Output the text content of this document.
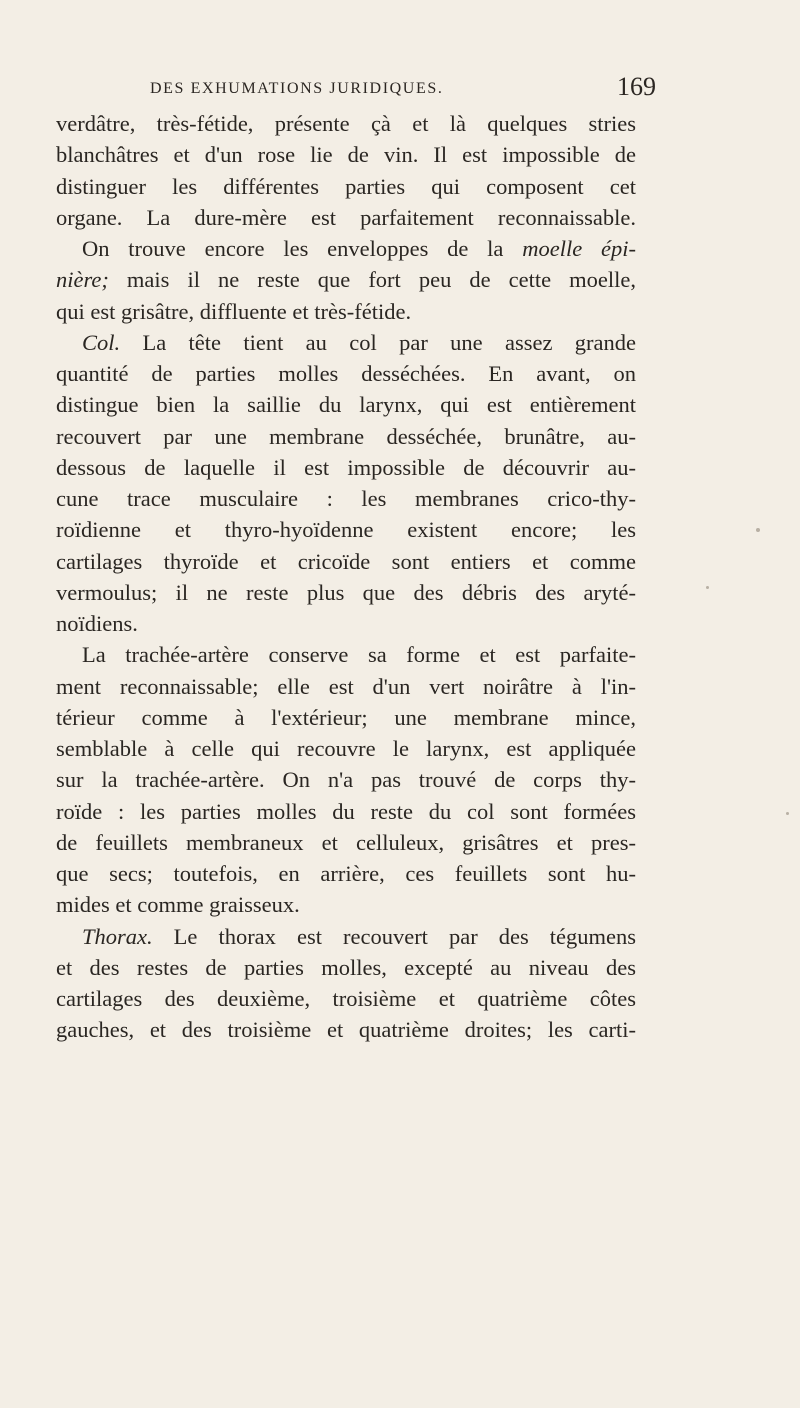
DES EXHUMATIONS JURIDIQUES.	169
verdâtre, très-fétide, présente çà et là quelques stries
blanchâtres et d'un rose lie de vin. Il est impossible de
distinguer les différentes parties qui composent cet
organe. La dure-mère est parfaitement reconnaissable.
On trouve encore les enveloppes de la moelle épi-
nière; mais il ne reste que fort peu de cette moelle,
qui est grisâtre, diffluente et très-fétide.
Col. La tête tient au col par une assez grande
quantité de parties molles desséchées. En avant, on
distingue bien la saillie du larynx, qui est entièrement
recouvert par une membrane desséchée, brunâtre, au-
dessous de laquelle il est impossible de découvrir au-
cune trace musculaire : les membranes crico-thy-
roïdienne et thyro-hyoïdenne existent encore; les
cartilages thyroïde et cricoïde sont entiers et comme
vermoulus; il ne reste plus que des débris des aryté-
noïdiens.
La trachée-artère conserve sa forme et est parfaite-
ment reconnaissable; elle est d'un vert noirâtre à l'in-
térieur comme à l'extérieur; une membrane mince,
semblable à celle qui recouvre le larynx, est appliquée
sur la trachée-artère. On n'a pas trouvé de corps thy-
roïde : les parties molles du reste du col sont formées
de feuillets membraneux et celluleux, grisâtres et pres-
que secs; toutefois, en arrière, ces feuillets sont hu-
mides et comme graisseux.
Thorax. Le thorax est recouvert par des tégumens
et des restes de parties molles, excepté au niveau des
cartilages des deuxième, troisième et quatrième côtes
gauches, et des troisième et quatrième droites; les carti-
